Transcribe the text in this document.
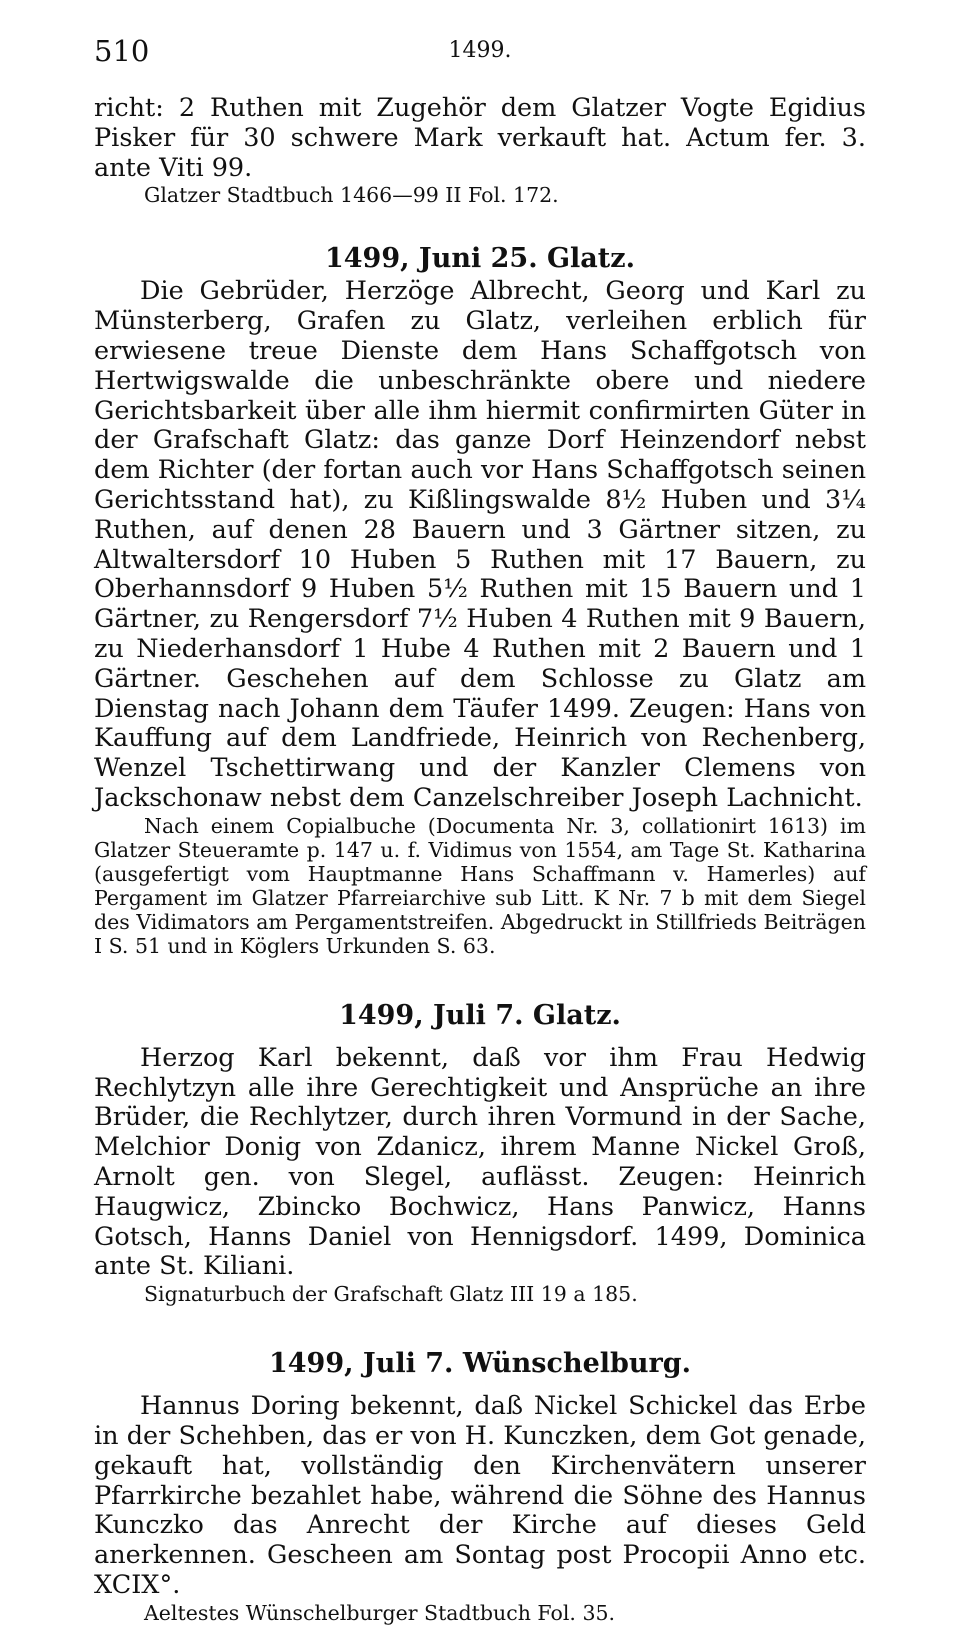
510	1499.

richt: 2 Ruthen mit Zugehör dem Glatzer Vogte Egidius Pisker für 30 schwere Mark verkauft hat. Actum fer. 3. ante Viti 99.

Glatzer Stadtbuch 1466—99 II Fol. 172.

1499, Juni 25. Glatz.

Die Gebrüder, Herzöge Albrecht, Georg und Karl zu Münsterberg, Grafen zu Glatz, verleihen erblich für erwiesene treue Dienste dem Hans Schaffgotsch von Hertwigswalde die unbeschränkte obere und niedere Gerichtsbarkeit über alle ihm hiermit confirmirten Güter in der Grafschaft Glatz: das ganze Dorf Heinzendorf nebst dem Richter (der fortan auch vor Hans Schaffgotsch seinen Gerichtsstand hat), zu Kißlingswalde 8½ Huben und 3¼ Ruthen, auf denen 28 Bauern und 3 Gärtner sitzen, zu Altwaltersdorf 10 Huben 5 Ruthen mit 17 Bauern, zu Oberhannsdorf 9 Huben 5½ Ruthen mit 15 Bauern und 1 Gärtner, zu Rengersdorf 7½ Huben 4 Ruthen mit 9 Bauern, zu Niederhansdorf 1 Hube 4 Ruthen mit 2 Bauern und 1 Gärtner. Geschehen auf dem Schlosse zu Glatz am Dienstag nach Johann dem Täufer 1499. Zeugen: Hans von Kauffung auf dem Landfriede, Heinrich von Rechenberg, Wenzel Tschettirwang und der Kanzler Clemens von Jackschonaw nebst dem Canzelschreiber Joseph Lachnicht.

Nach einem Copialbuche (Documenta Nr. 3, collationirt 1613) im Glatzer Steueramte p. 147 u. f. Vidimus von 1554, am Tage St. Katharina (ausgefertigt vom Hauptmanne Hans Schaffmann v. Hamerles) auf Pergament im Glatzer Pfarreiarchive sub Litt. K Nr. 7 b mit dem Siegel des Vidimators am Pergamentstreifen. Abgedruckt in Stillfrieds Beiträgen I S. 51 und in Köglers Urkunden S. 63.

1499, Juli 7. Glatz.

Herzog Karl bekennt, daß vor ihm Frau Hedwig Rechlytzyn alle ihre Gerechtigkeit und Ansprüche an ihre Brüder, die Rechlytzer, durch ihren Vormund in der Sache, Melchior Donig von Zdanicz, ihrem Manne Nickel Groß, Arnolt gen. von Slegel, auflässt. Zeugen: Heinrich Haugwicz, Zbincko Bochwicz, Hans Panwicz, Hanns Gotsch, Hanns Daniel von Hennigsdorf. 1499, Dominica ante St. Kiliani.

Signaturbuch der Grafschaft Glatz III 19 a 185.

1499, Juli 7. Wünschelburg.

Hannus Doring bekennt, daß Nickel Schickel das Erbe in der Schehben, das er von H. Kunczken, dem Got genade, gekauft hat, vollständig den Kirchenvätern unserer Pfarrkirche bezahlet habe, während die Söhne des Hannus Kunczko das Anrecht der Kirche auf dieses Geld anerkennen. Gescheen am Sontag post Procopii Anno etc. XCIX°.

Aeltestes Wünschelburger Stadtbuch Fol. 35.
